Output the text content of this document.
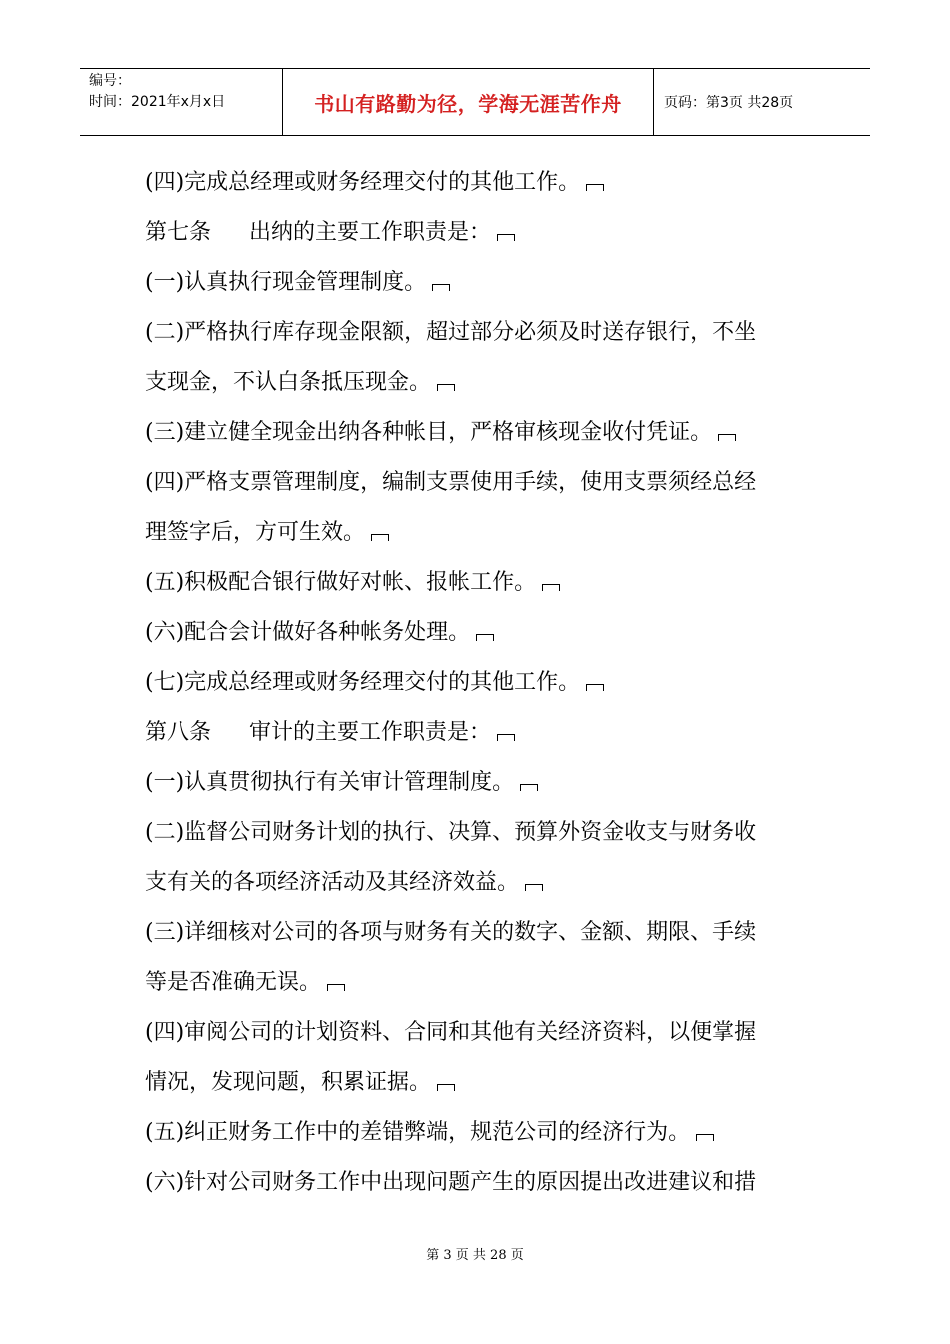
编号：
时间：2021年x月x日	书山有路勤为径，学海无涯苦作舟	页码：第3页 共28页
(四)完成总经理或财务经理交付的其他工作。
第七条 出纳的主要工作职责是：
(一)认真执行现金管理制度。
(二)严格执行库存现金限额，超过部分必须及时送存银行，不坐
支现金，不认白条抵压现金。
(三)建立健全现金出纳各种帐目，严格审核现金收付凭证。
(四)严格支票管理制度，编制支票使用手续，使用支票须经总经
理签字后，方可生效。
(五)积极配合银行做好对帐、报帐工作。
(六)配合会计做好各种帐务处理。
(七)完成总经理或财务经理交付的其他工作。
第八条 审计的主要工作职责是：
(一)认真贯彻执行有关审计管理制度。
(二)监督公司财务计划的执行、决算、预算外资金收支与财务收
支有关的各项经济活动及其经济效益。
(三)详细核对公司的各项与财务有关的数字、金额、期限、手续
等是否准确无误。
(四)审阅公司的计划资料、合同和其他有关经济资料，以便掌握
情况，发现问题，积累证据。
(五)纠正财务工作中的差错弊端，规范公司的经济行为。
(六)针对公司财务工作中出现问题产生的原因提出改进建议和措
第 3 页 共 28 页
